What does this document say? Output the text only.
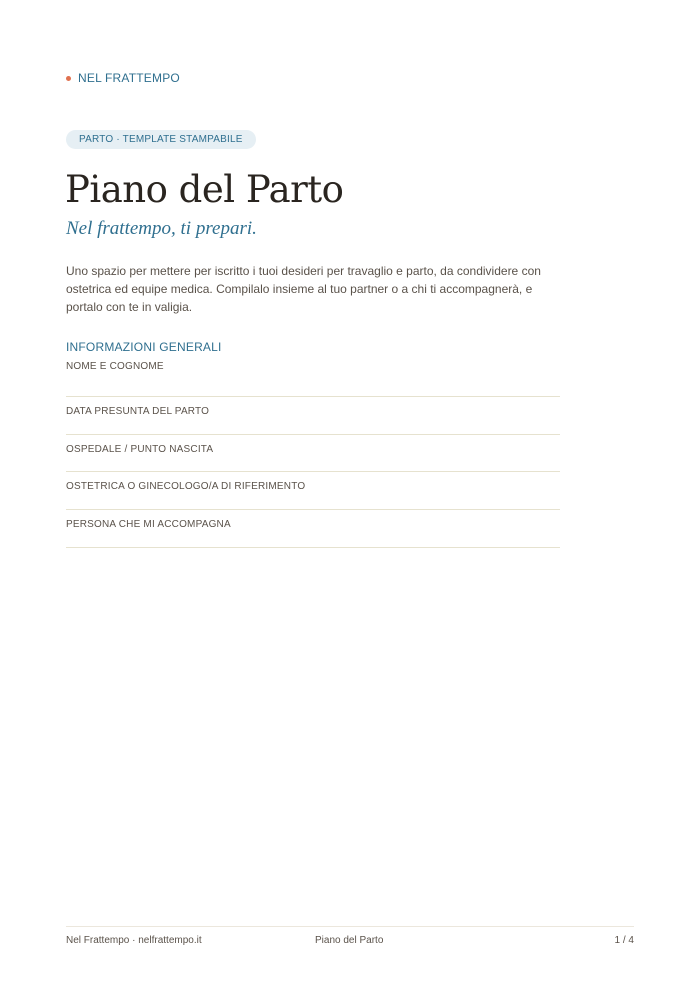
NEL FRATTEMPO
PARTO · TEMPLATE STAMPABILE
Piano del Parto
Nel frattempo, ti prepari.

Uno spazio per mettere per iscritto i tuoi desideri per travaglio e parto, da condividere con ostetrica ed equipe medica. Compilalo insieme al tuo partner o a chi ti accompagnerà, e portalo con te in valigia.

INFORMAZIONI GENERALI
NOME E COGNOME
DATA PRESUNTA DEL PARTO
OSPEDALE / PUNTO NASCITA
OSTETRICA O GINECOLOGO/A DI RIFERIMENTO
PERSONA CHE MI ACCOMPAGNA
Nel Frattempo · nelfrattempo.it	Piano del Parto	1 / 4
